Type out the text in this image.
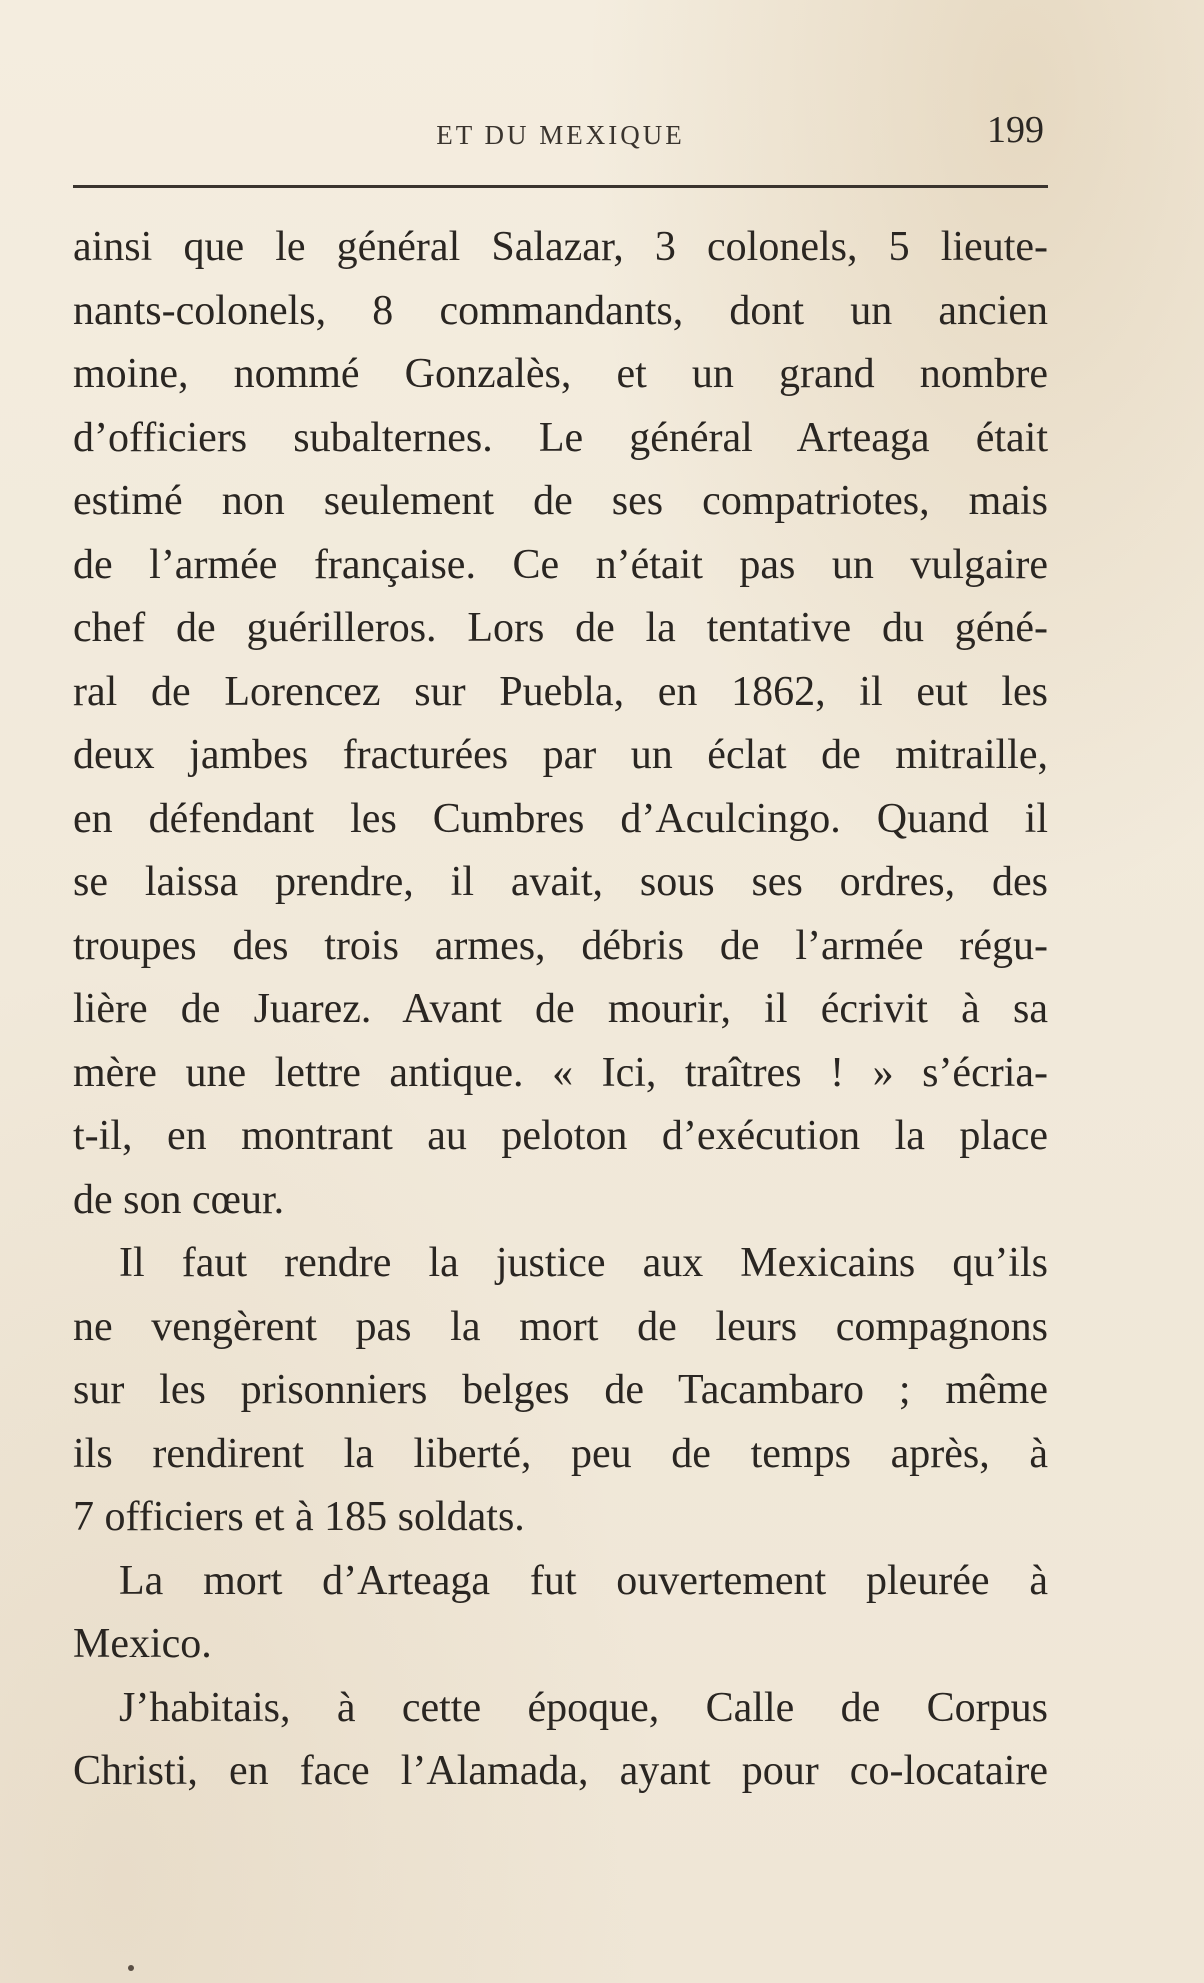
ET DU MEXIQUE	199
ainsi que le général Salazar, 3 colonels, 5 lieute-
nants-colonels, 8 commandants, dont un ancien
moine, nommé Gonzalès, et un grand nombre
d’officiers subalternes. Le général Arteaga était
estimé non seulement de ses compatriotes, mais
de l’armée française. Ce n’était pas un vulgaire
chef de guérilleros. Lors de la tentative du géné-
ral de Lorencez sur Puebla, en 1862, il eut les
deux jambes fracturées par un éclat de mitraille,
en défendant les Cumbres d’Aculcingo. Quand il
se laissa prendre, il avait, sous ses ordres, des
troupes des trois armes, débris de l’armée régu-
lière de Juarez. Avant de mourir, il écrivit à sa
mère une lettre antique. « Ici, traîtres ! » s’écria-
t-il, en montrant au peloton d’exécution la place
de son cœur.
Il faut rendre la justice aux Mexicains qu’ils
ne vengèrent pas la mort de leurs compagnons
sur les prisonniers belges de Tacambaro ; même
ils rendirent la liberté, peu de temps après, à
7 officiers et à 185 soldats.
La mort d’Arteaga fut ouvertement pleurée à
Mexico.
J’habitais, à cette époque, Calle de Corpus
Christi, en face l’Alamada, ayant pour co-locataire
